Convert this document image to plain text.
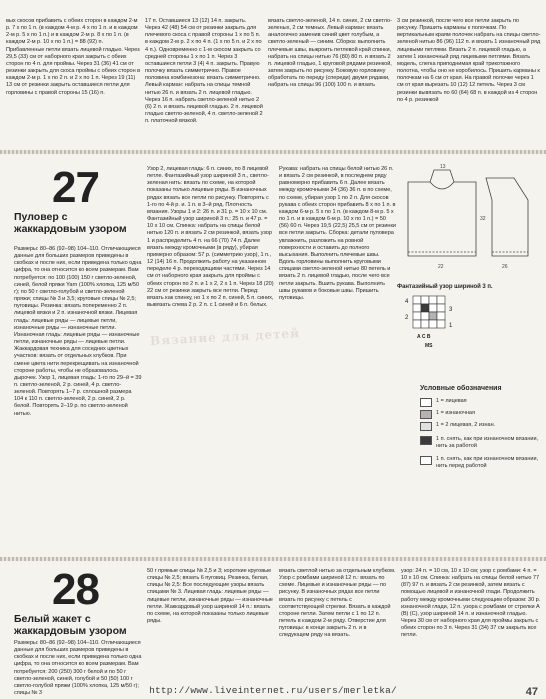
вых скосов прибавить с обеих сторон в каждом 2-м р. 7 х по 1 п. (в каждом 4-м р. 4 х по 1 п. и в каждом 2-м р. 5 х по 1 п.) и в каждом 2-м р. 8 х по 1 п. (в каждом 2-м р. 10 х по 1 п.) = 88 (92) п. Прибавленные петли вязать лицевой гладью. Через 29,5 (33) см от наборного края закрыть с обеих сторон по 4 п. для проймы. Через 31 (36) 41 см от резинки закрыть для скоса проймы с обеих сторон в каждом 2-м р. 1 х по 2 п. и 2 х по 1 п. Через 19 (11) 13 см от резинки закрыть оставшиеся петли для горловины с правой стороны 15 (16) п.
17 п. Оставшиеся 13 (12) 14 п. закрыть. Через 42 (48) 54 см от резинки закрыть для плечевого скоса с правой стороны 1 х по 5 п. в каждом 2-м р. 2 х по 4 п. (1 х по 5 п. и 2 х по 4 п.). Одновременно с 1-м скосом закрыть со средней стороны 1 х по 1 п. Через 3 оставшиеся петли 3 (4) 4 п. закрыть. Правую полочку вязать симметрично. Правое половина комбинезона: вязать симметрично. Левый карман: набрать на спицы темной нитью 26 п. и вязать 2 п. лицевой гладью. Через 16 п. набрать светло-зеленой нитью 2 (6) 2 п. и вязать лицевой гладью. 2 п. лицевой гладью светло-зеленой, 4 п. светло-зеленой 2 п. платочной вязкой.
вязать светло-зеленой, 14 п. синих, 2 см светло-зеленых, 2 см темных. Левый карман: вязать аналогично заменив синий цвет голубым, а светло-зеленый — синим. Сборка: выполнить плечевые швы, выкроить петлевой край спинки, набрать на спицы нитью 76 (80) 80 п. и вязать 2 п. лицевой гладью, 1 круговой рядами резинкой, затем закрыть по рисунку. Боковую горловину обработать по переду (спереди) двумя рядами, набрать на спицы 96 (100) 100 п. и вязать
3 см резинкой, после чего все петли закрыть по рисунку. Пришить карманы к полочкам. По вертикальным краям полочек набрать на спицы светло-зеленой нитью 86 (96) 112 п. и вязать 1 изнаночный ряд лицевыми петлями. Вязать 2 п. лицевой гладью, а затем 1 изнаночный ряд лицевыми петлями. Вязать модель, слегка приподнимая край трикотажного полотна, чтобы оно не коробилось. Пришить карманы к полочкам на 6 см от края. На правой полочке через 1 см от края вырезать 10 (12) 12 петель. Через 3 см резинки вывязать по 60 (64) 68 п. в каждой из 4 сторон по 4 р. резинкой
27
Пуловер с жаккардовым узором
Размеры: 80–86 (92–98) 104–110. Отличающиеся данные для больших размеров приведены в скобках и после них, если приведена только одна цифра, то она относится ко всем размерам. Вам потребуется: по 100 (100) 150 г светло-зеленой, синей, белой пряжи Yarn (100% хлопка, 125 м/50 г); по 50 г светло-голубой и светло-зеленой пряжи; спицы № 3 и 3,5; круговые спицы № 2,5; пуговицы. Резинка: вязать попеременно 2 п. лицевой вязки и 2 п. изнаночной вязки. Лицевая гладь: лицевые ряды — лицевые петли, изнаночные ряды — изнаночные петли. Изнаночная гладь: лицевые ряды — изнаночные петли, изнаночные ряды — лицевые петли. Жаккардовая техника для соседних цветных участков: вязать от отдельных клубков. При смене цвета нити перекрещивать на изнаночной стороне работы, чтобы не образовалось дырочек. Узор 1, лицевая гладь: 1-го по 29–й = 39 п. светло-зеленой, 2 р. синей, 4 р. светло-зеленой. Повторять 1–7 р. сплошной размера 104 к 110 п. светло-зеленой, 2 р. синей, 2 р. белой. Повторять 2–19 р. по светло-зеленой нитью.
Узор 2, лицевая гладь: 6 п. синих, по 8 лицевой петле. Фантазийный узор шириной 3 п., светло-зеленая нить: вязать по схеме, на которой показаны только лицевые ряды. В изнаночных рядах вязать все петли по рисунку. Повторять с 1-го по 4-й р. и. 1 п. в 3–й ряд. Плотность вязания. Узоры 1 и 2: 26 п. и 31 р. = 10 х 10 см. Фантазийный узор шириной 3 п.: 25 п. и 47 р. = 10 х 10 см. Спинка: набрать на спицы белой нитью 120 п. и вязать 2 см резинкой, вязать узор 1 и распределить 4 п. на 66 (70) 74 п. Далее вязать между кромочными (в ряду), убирая примерно образом: 57 р. (симметрию узор), 1 п., 12 (14) 16 п. Продолжить работу на указанном переделе 4 р. переходящими частями. Через 14 см от наборного края закрыть для проймы с обеих сторон по 2 п. и 1 х 2, 2 х 1 п. Через 18 (20) 22 см от резинки закрыть все петли. Перед: вязать как спинку, но 1 х по 2 п. синей, 5 п. синих, вывязать слева 2 р. 2 п. с 1 синей и 6 п. белых.
Рукава: набрать на спицы белой нитью 26 п. и вязать 2 см резинкой, в последнем ряду равномерно прибавить 6 п. Далее вязать между кромочными 34 (36) 36 п. в по схеме, по схеме, убирая узор 1 по 2 п. Для скосов рукава с обеих сторон прибавить 8 х по 1 п. в каждом 6-м р. 5 х по 1 п. (в каждом 8-м р. 5 х по 1 п. и в каждом 6-м р. 10 х по 1 п.) = 50 (56) 60 п. Через 19,5 (22,5) 25,5 см от резинки все петли закрыть. Сборка: детали пуловера увлажнить, разложить на ровной поверхности и оставить до полного высыхания. Выполнить плечевые швы. Вдоль горловины выполнить круговыми спицами светло-зеленой нитью 80 петель и вязать 2 п. лицевой гладью, после чего все петли закрыть. Вшить рукава. Выполнить швы рукавов и боковые швы. Пришить пуговицы.
Вязание для детей
22	26
32
13
Фантазийный узор шириной 3 п.
4
3
2
1
A C B
MS
Условные обозначения
1 = лицевая
1 = изнаночная
1 = 2 лицевая, 2 изнан.
1 п. снять, как при изнаночном вязании, нить за работой
1 п. снять, как при изнаночном вязании, нить перед работой
28
Белый жакет с жаккардовым узором
Размеры: 80–86 (92–98) 104–110. Отличающиеся данные для больших размеров приведены в скобках и после них, если приведена только одна цифра, то она относится ко всем размерам. Вам потребуется: 200 (250) 300 г белой и по 50 г светло-зеленой, синей, голубой и 50 (50) 100 г светло-голубой пряжи (100% хлопка, 125 м/50 г); спицы № 3
50 г прямые спицы № 2,5 и 3; короткие круговые спицы № 2,5; вязать 6 пуговиц. Резинка, белая, спицы № 2,5: Все последующие узоры вязать спицами № 3. Лицевая гладь: лицевые ряды — лицевые петли, изнаночные ряды — изнаночные петли. Жаккардовый узор шириной 14 п.: вязать по схеме, на которой показаны только лицевые ряды.
вязать светлой нитью за отдельным клубком. Узор с ромбами шириной 12 п.: вязать по схеме. Лицевые и изнаночные ряды — по рисунку. В изнаночных рядах все петли вязать по рисунку с петель с соответствующей стрелки. Вязать в каждой стороне петли. Затем петли с 1 по 12 п. петель в каждом 2-м ряду. Отверстие для пуговицы: в конце закрыть 2 п. и в следующем ряду на вязать.
узор: 24 п. = 10 см, 10 х 10 см; узор с ромбами: 4 п. = 10 х 10 см. Спинка: набрать на спицы белой нитью 77 (87) 97 п. и вязать 2 см резинкой, затем вязать с помощью лицевой и изнаночной глади. Продолжить работу между кромочными следующим образом: 30 р. изнаночной глади, 12 п. узора с ромбами от стрелки А (B) (C), узор шириной 14 п. и изнаночной гладью. Через 30 см от наборного края для проймы закрыть с обеих сторон по 3 п. Через 31 (34) 37 см закрыть все петли.
http://www.liveinternet.ru/users/merletka/	47
